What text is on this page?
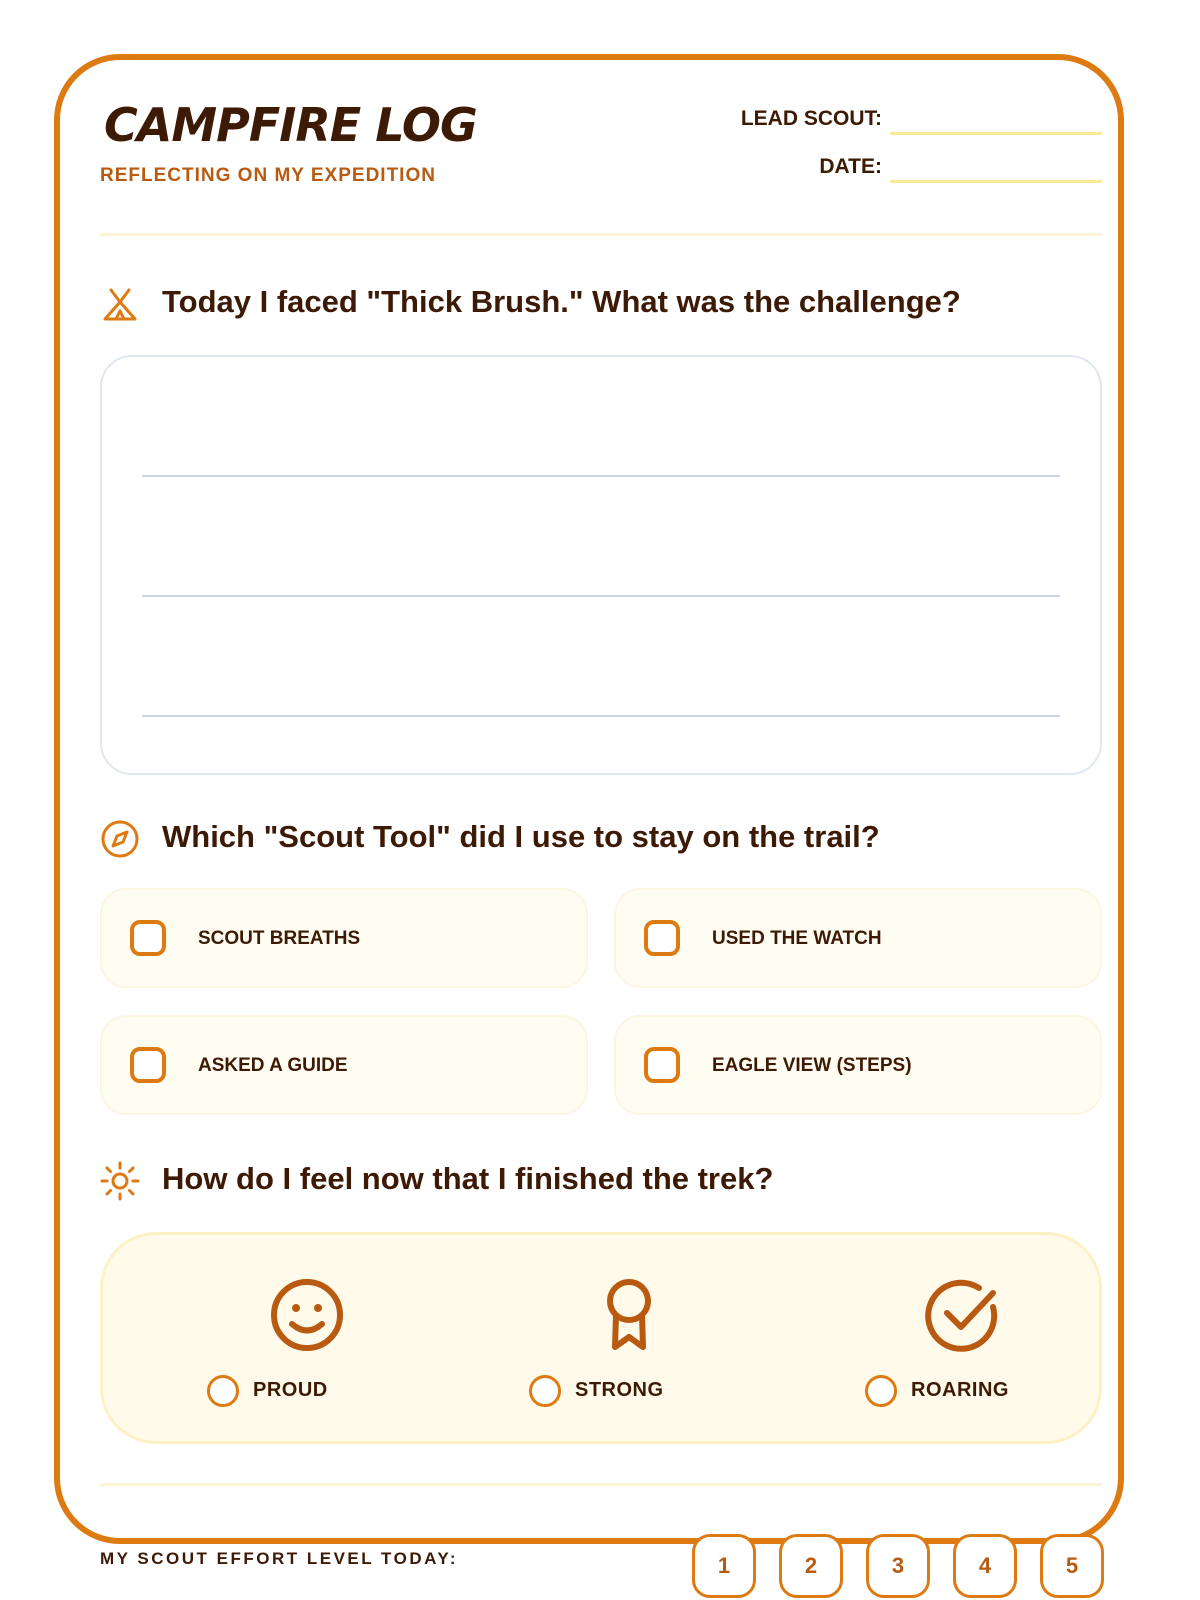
CAMPFIRE LOG
REFLECTING ON MY EXPEDITION
LEAD SCOUT:
DATE:
Today I faced "Thick Brush." What was the challenge?
Which "Scout Tool" did I use to stay on the trail?
SCOUT BREATHS	USED THE WATCH
ASKED A GUIDE	EAGLE VIEW (STEPS)
How do I feel now that I finished the trek?
PROUD	STRONG	ROARING
MY SCOUT EFFORT LEVEL TODAY:	1	2	3	4	5
